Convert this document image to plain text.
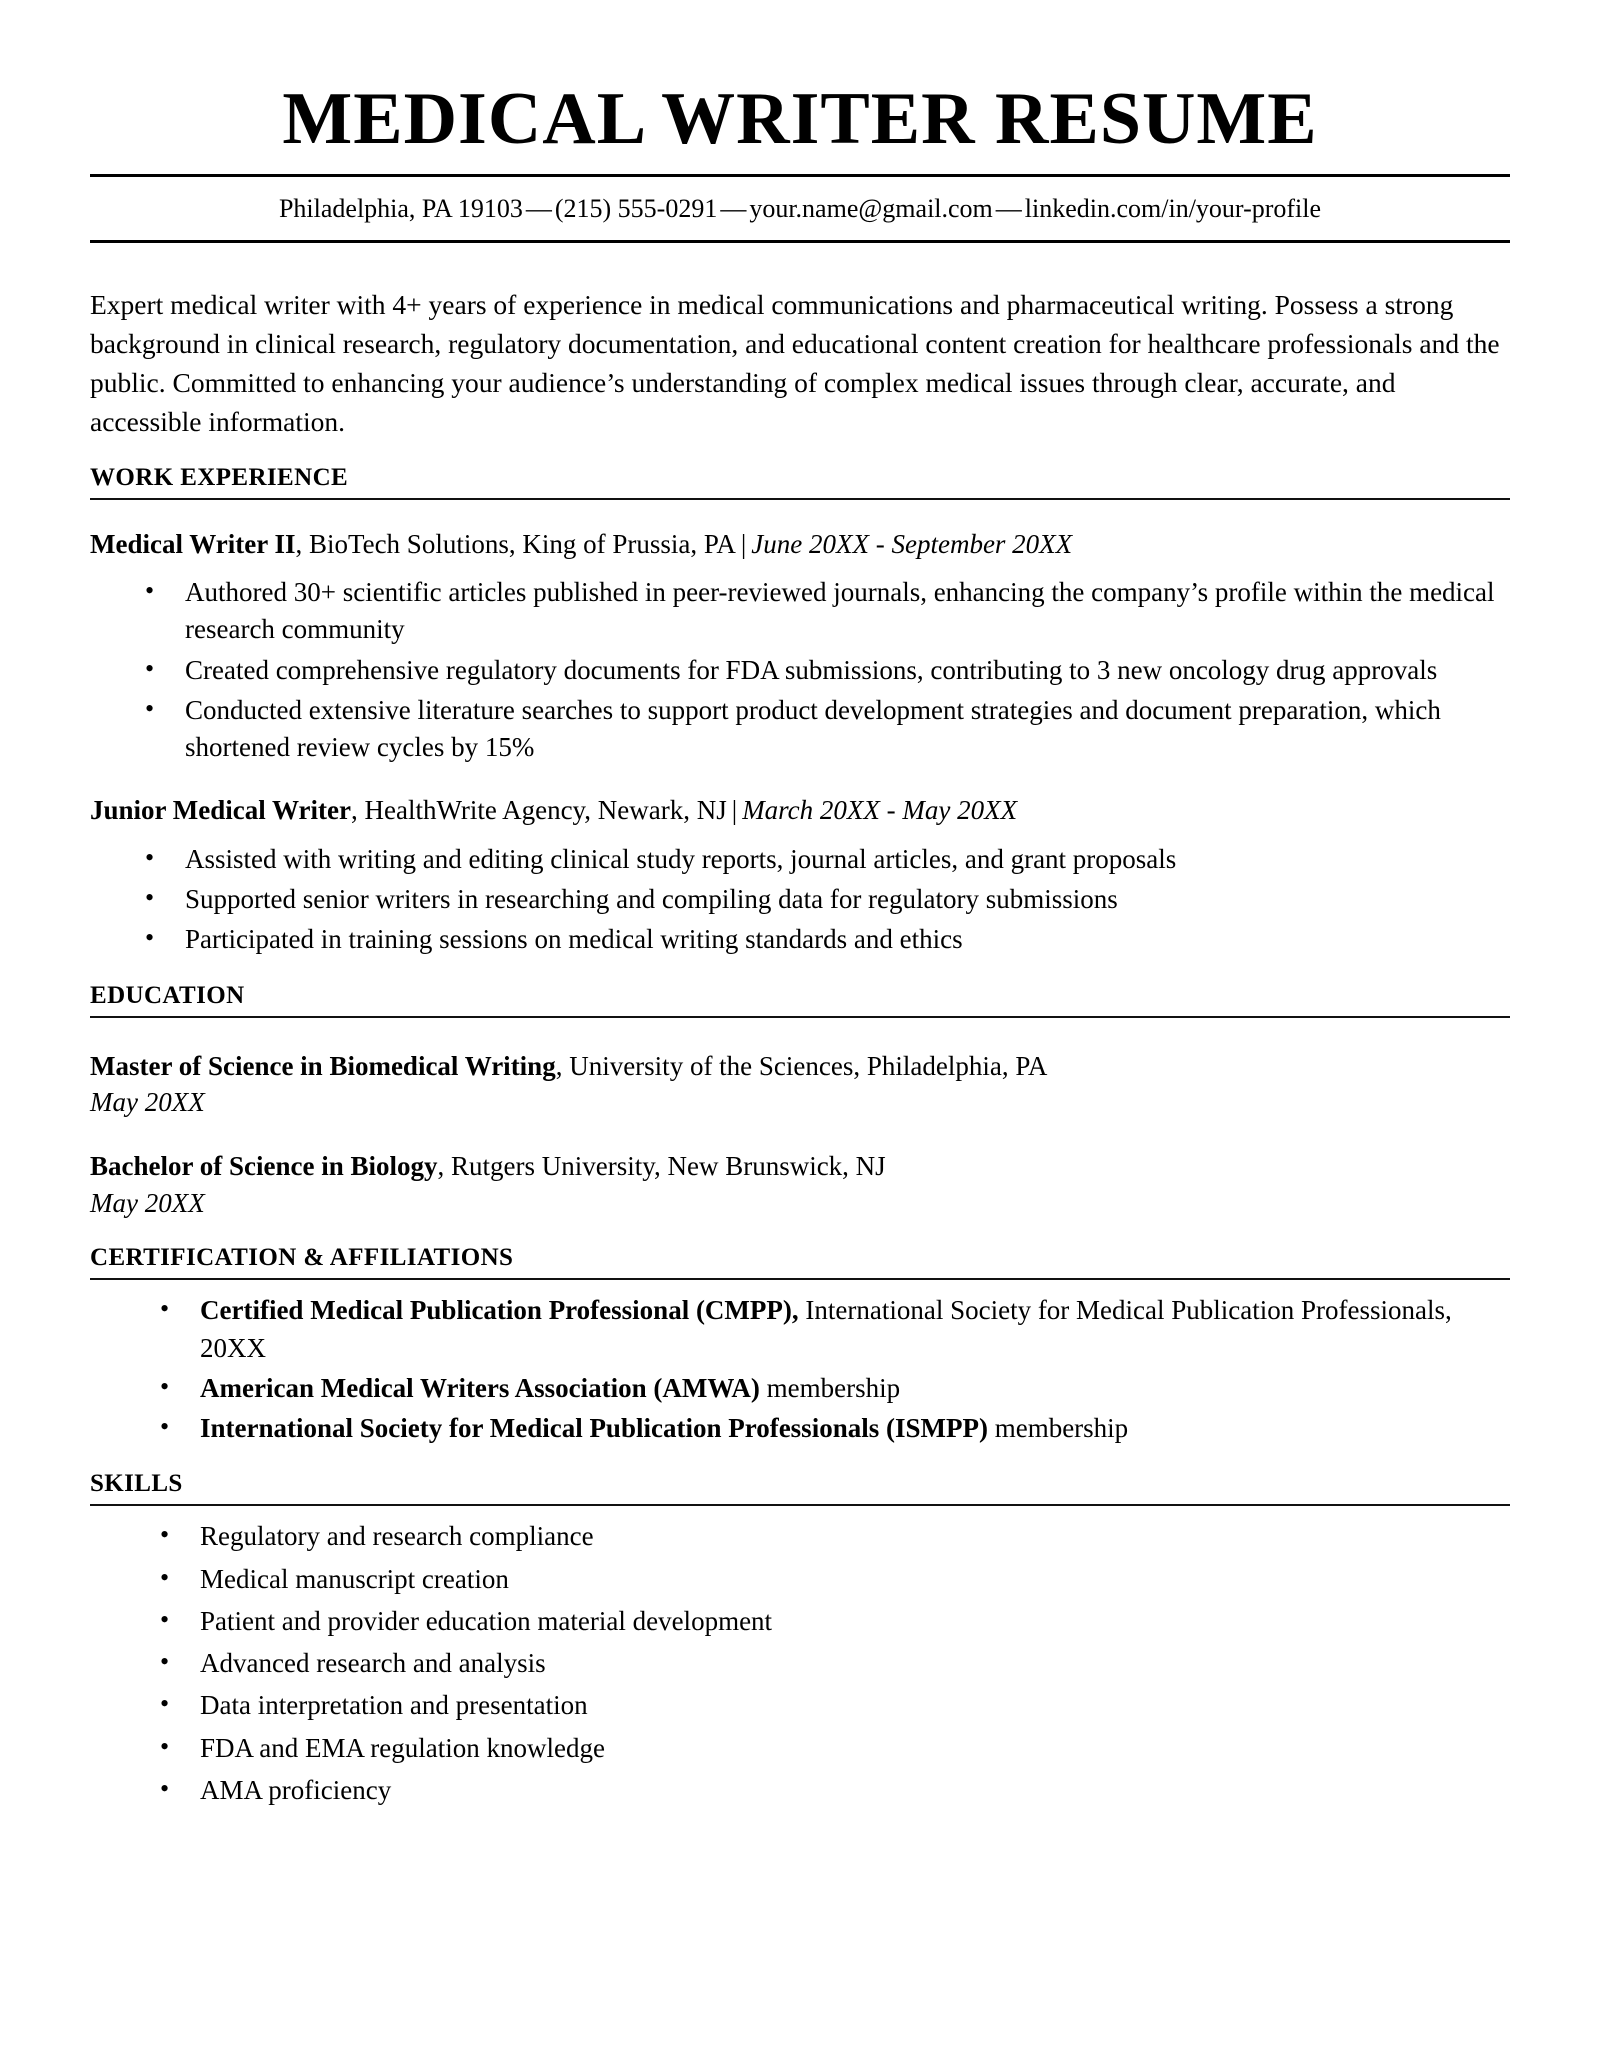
MEDICAL WRITER RESUME
Philadelphia, PA 19103 — (215) 555-0291 — your.name@gmail.com — linkedin.com/in/your-profile
Expert medical writer with 4+ years of experience in medical communications and pharmaceutical writing. Possess a strong background in clinical research, regulatory documentation, and educational content creation for healthcare professionals and the public. Committed to enhancing your audience’s understanding of complex medical issues through clear, accurate, and accessible information.
WORK EXPERIENCE
Medical Writer II, BioTech Solutions, King of Prussia, PA | June 20XX - September 20XX
• Authored 30+ scientific articles published in peer-reviewed journals, enhancing the company’s profile within the medical research community
• Created comprehensive regulatory documents for FDA submissions, contributing to 3 new oncology drug approvals
• Conducted extensive literature searches to support product development strategies and document preparation, which shortened review cycles by 15%
Junior Medical Writer, HealthWrite Agency, Newark, NJ | March 20XX - May 20XX
• Assisted with writing and editing clinical study reports, journal articles, and grant proposals
• Supported senior writers in researching and compiling data for regulatory submissions
• Participated in training sessions on medical writing standards and ethics
EDUCATION
Master of Science in Biomedical Writing, University of the Sciences, Philadelphia, PA
May 20XX
Bachelor of Science in Biology, Rutgers University, New Brunswick, NJ
May 20XX
CERTIFICATION & AFFILIATIONS
• Certified Medical Publication Professional (CMPP), International Society for Medical Publication Professionals, 20XX
• American Medical Writers Association (AMWA) membership
• International Society for Medical Publication Professionals (ISMPP) membership
SKILLS
• Regulatory and research compliance
• Medical manuscript creation
• Patient and provider education material development
• Advanced research and analysis
• Data interpretation and presentation
• FDA and EMA regulation knowledge
• AMA proficiency
